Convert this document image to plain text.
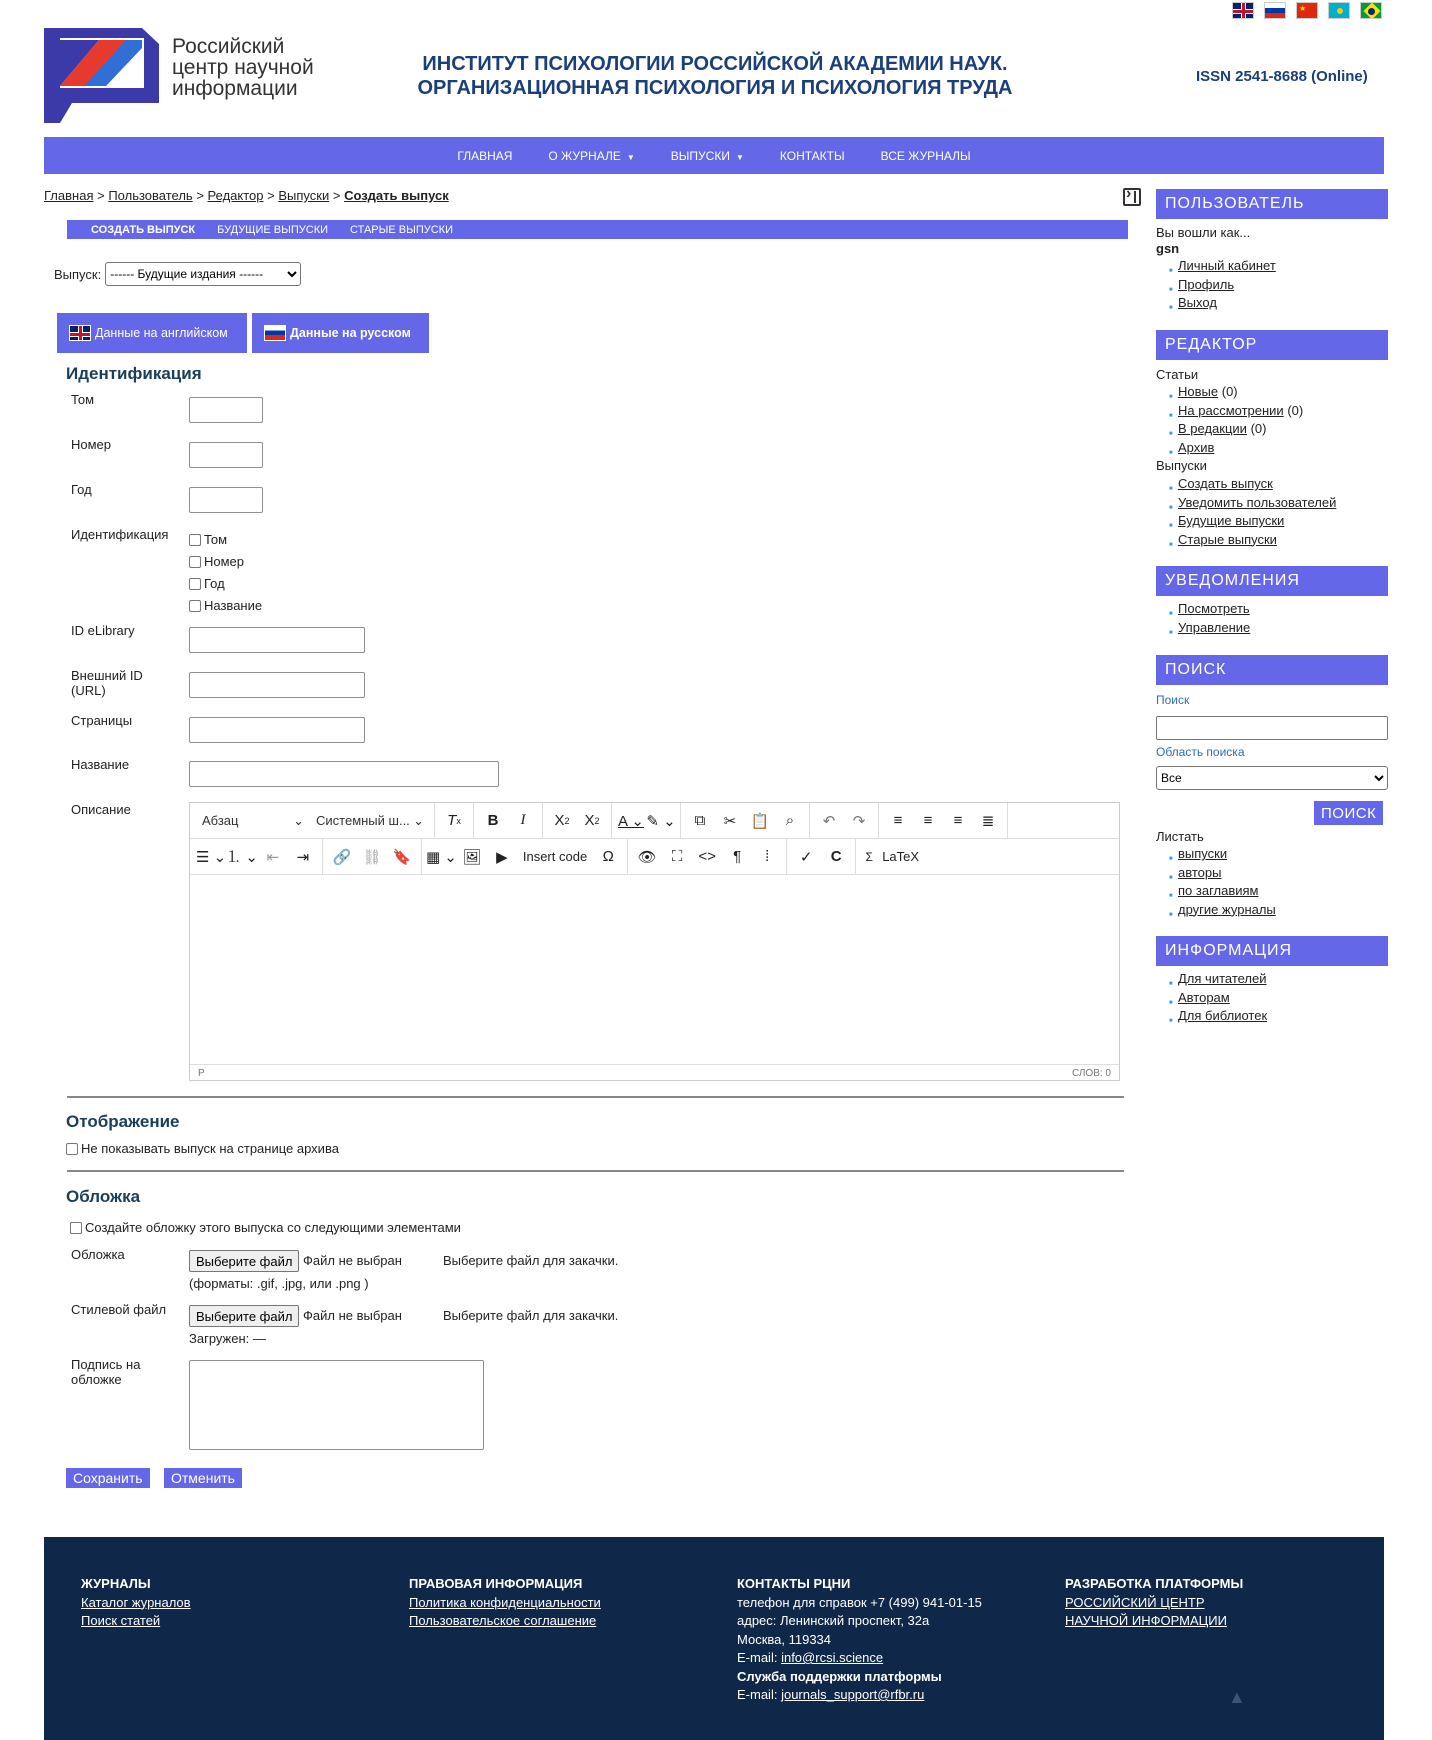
★
Российский
центр научной
информации
ИНСТИТУТ ПСИХОЛОГИИ РОССИЙСКОЙ АКАДЕМИИ НАУК.
ОРГАНИЗАЦИОННАЯ ПСИХОЛОГИЯ И ПСИХОЛОГИЯ ТРУДА
ISSN 2541-8688 (Online)
ГЛАВНАЯ	О ЖУРНАЛЕ ▼	ВЫПУСКИ ▼	КОНТАКТЫ	ВСЕ ЖУРНАЛЫ
Главная > Пользователь > Редактор > Выпуски > Создать выпуск
›
СОЗДАТЬ ВЫПУСК БУДУЩИЕ ВЫПУСКИ СТАРЫЕ ВЫПУСКИ
Выпуск:
------ Будущие издания ------
Данные на английском	Данные на русском
Идентификация
Том
Номер
Год
Идентификация	Том
Номер
Год
Название
ID eLibrary
Внешний ID
(URL)
Страницы
Название
Описание
Абзац	⌄ Системный ш... ⌄ T x	B	I	X 2 X 2 A ⌄ ✎ ⌄	⧉	✂ 📋	⌕	↶	↷	≡	≡	≡	≣
☰ ⌄ ⒈ ⌄ ⇤	⇥	🔗 ⛓ 🔖 ▦ ⌄ 🖼 ▶	Insert code	Ω	👁	⛶	<>	¶	⁞	✓	C	Σ LaTeX
P	СЛОВ: 0
Отображение
Не показывать выпуск на странице архива
Обложка
Создайте обложку этого выпуска со следующими элементами
Обложка	Выберите файл Файл не выбран	Выберите файл для закачки.
(форматы: .gif, .jpg, или .png )
Стилевой файл	Выберите файл Файл не выбран	Выберите файл для закачки.
Загружен: —
Подпись на
обложке
Сохранить	Отменить
ПОЛЬЗОВАТЕЛЬ
Вы вошли как...
gsn
■ Личный кабинет
■ Профиль
■ Выход
РЕДАКТОР
Статьи
■ Новые (0)
■ На рассмотрении (0)
■ В редакции (0)
■ Архив
Выпуски
■ Создать выпуск
■ Уведомить пользователей
■ Будущие выпуски
■ Старые выпуски
УВЕДОМЛЕНИЯ
■ Посмотреть
■ Управление
ПОИСК
Поиск
Область поиска
Все
ПОИСК
Листать
■ выпуски
■ авторы
■ по заглавиям
■ другие журналы
ИНФОРМАЦИЯ
■ Для читателей
■ Авторам
■ Для библиотек
ЖУРНАЛЫ
Каталог журналов
Поиск статей
ПРАВОВАЯ ИНФОРМАЦИЯ
Политика конфиденциальности
Пользовательское соглашение
КОНТАКТЫ РЦНИ
телефон для справок +7 (499) 941-01-15
адрес: Ленинский проспект, 32а
Москва, 119334
E-mail: info@rcsi.science
Служба поддержки платформы
E-mail: journals_support@rfbr.ru
РАЗРАБОТКА ПЛАТФОРМЫ
РОССИЙСКИЙ ЦЕНТР
НАУЧНОЙ ИНФОРМАЦИИ
▲
